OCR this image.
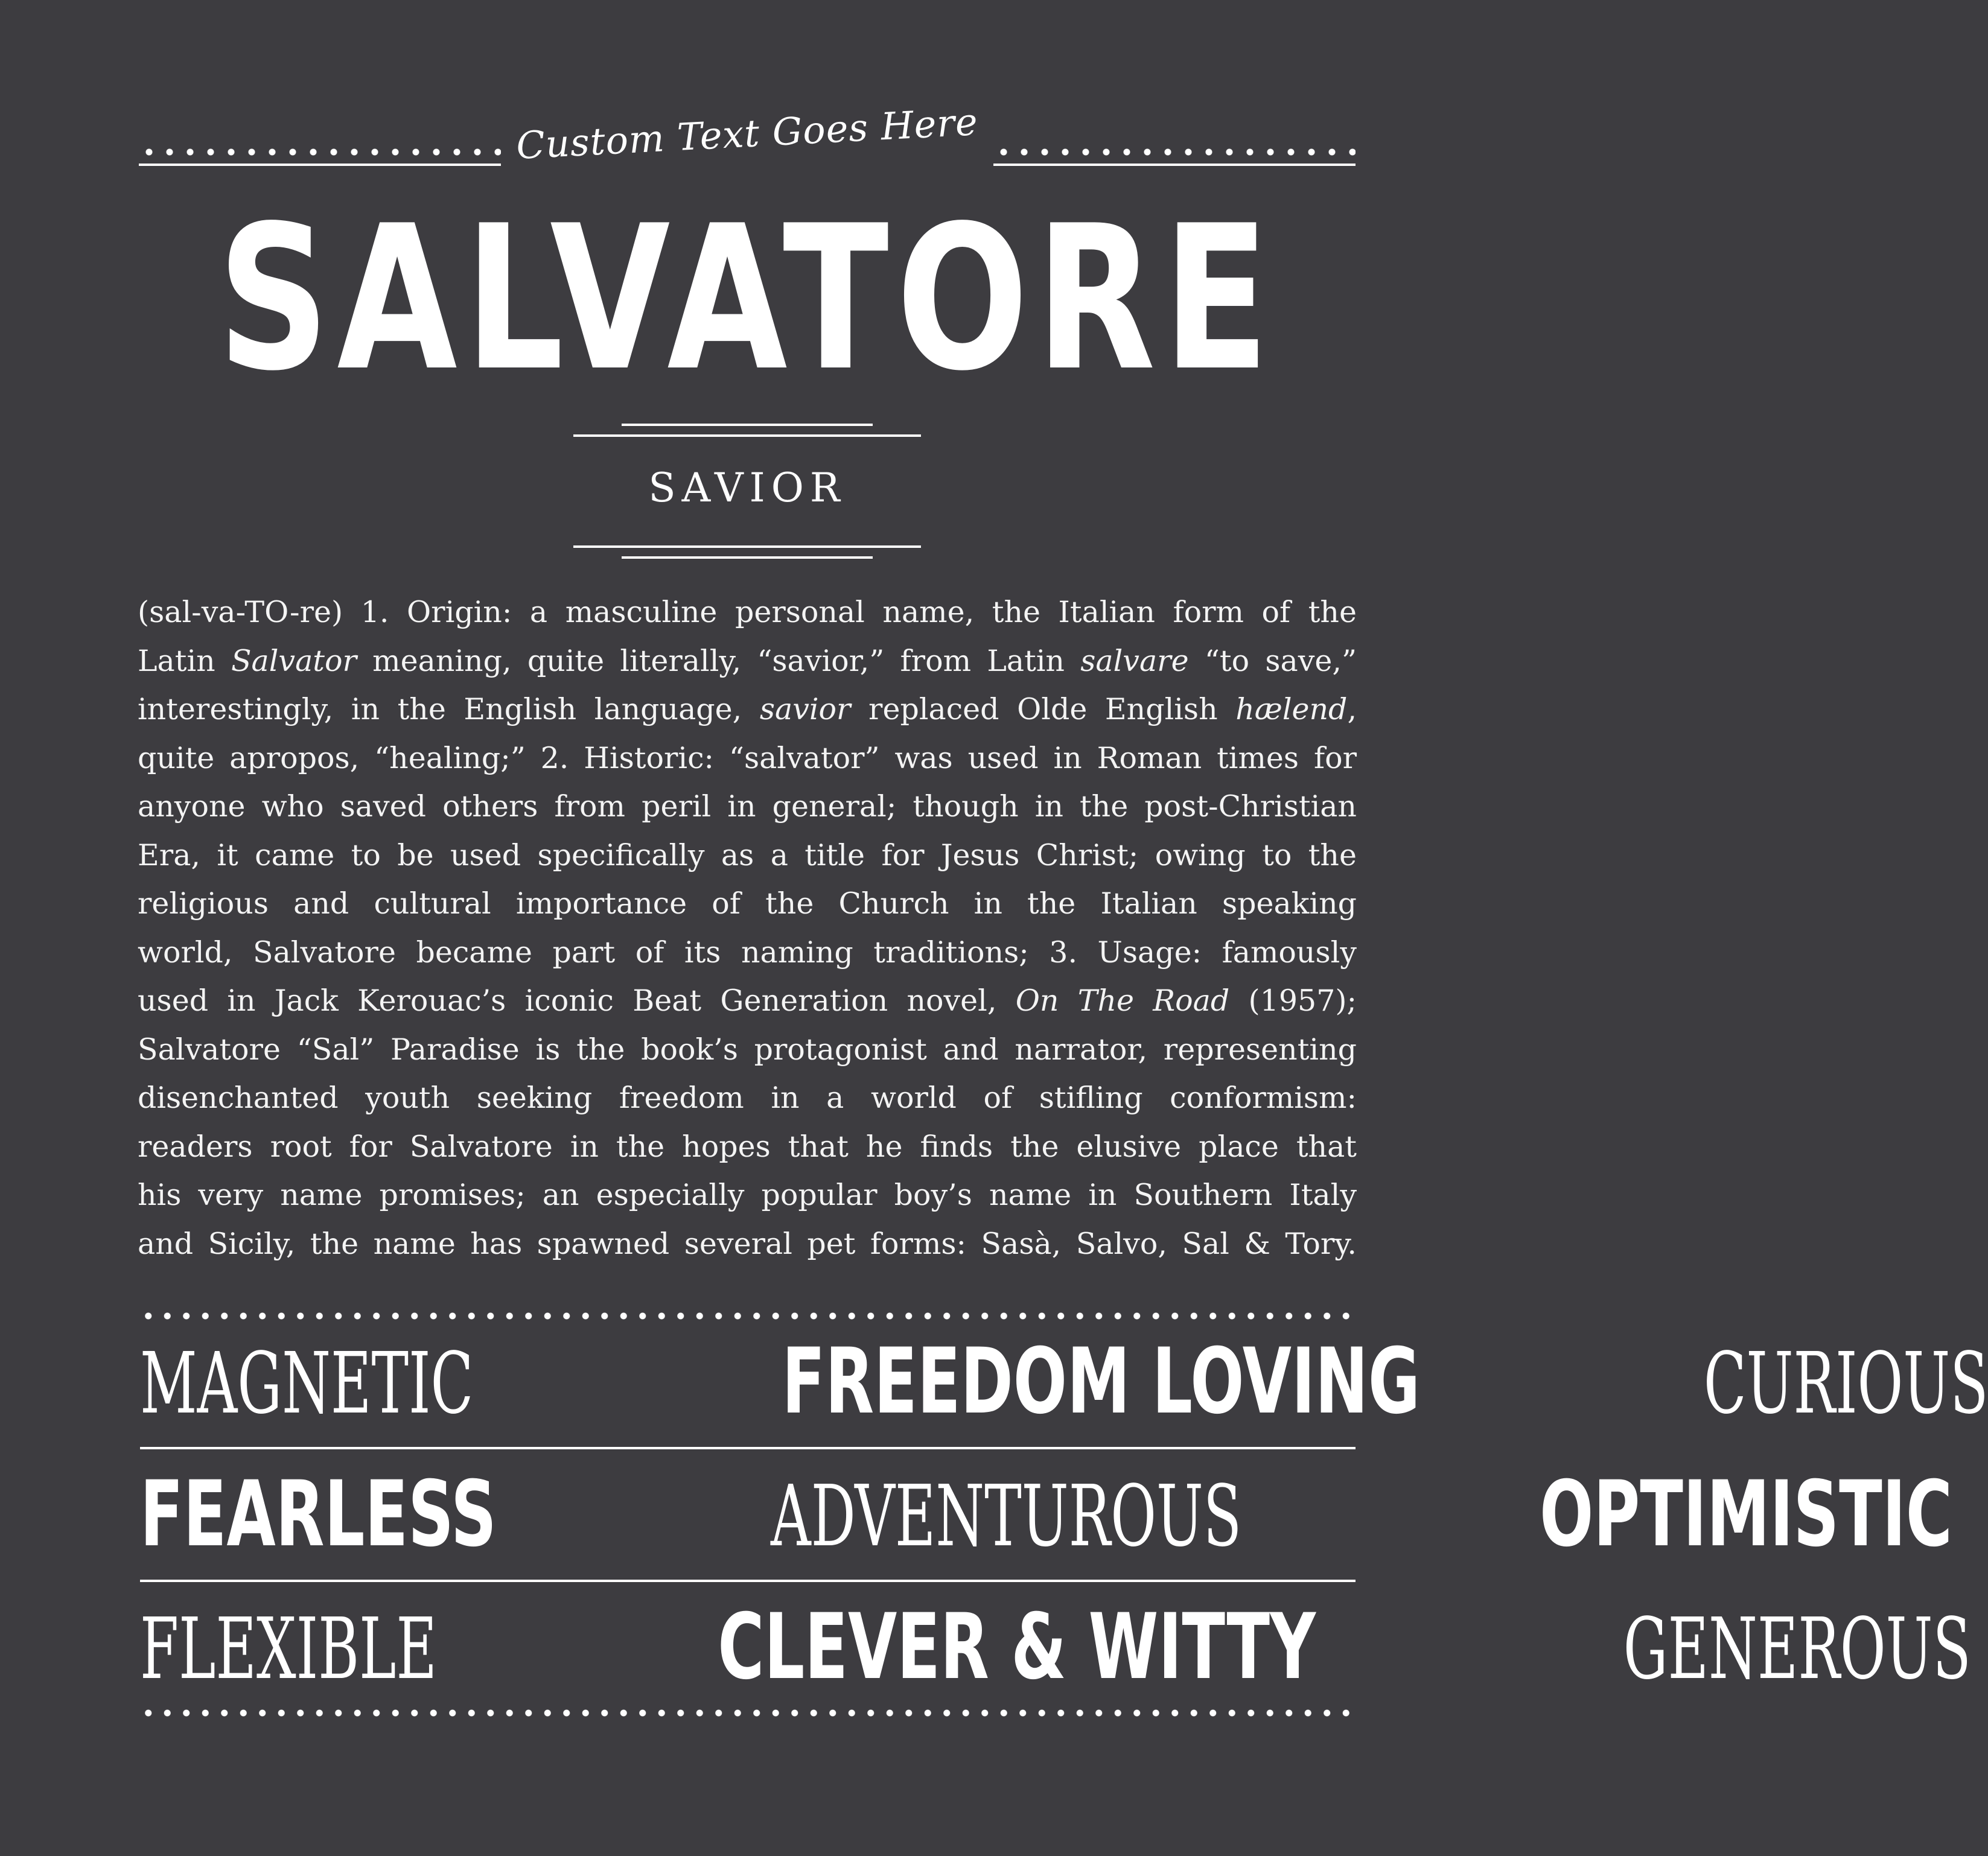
Custom Text Goes Here
SALVATORE
SAVIOR
(sal-va-TO-re) 1. Origin: a masculine personal name, the Italian form of the
Latin Salvator meaning, quite literally, “savior,” from Latin salvare “to save,”
interestingly, in the English language, savior replaced Olde English hælend,
quite apropos, “healing;” 2. Historic: “salvator” was used in Roman times for
anyone who saved others from peril in general; though in the post-Christian
Era, it came to be used specifically as a title for Jesus Christ; owing to the
religious and cultural importance of the Church in the Italian speaking
world, Salvatore became part of its naming traditions; 3. Usage: famously
used in Jack Kerouac’s iconic Beat Generation novel, On The Road (1957);
Salvatore “Sal” Paradise is the book’s protagonist and narrator, representing
disenchanted youth seeking freedom in a world of stifling conformism:
readers root for Salvatore in the hopes that he finds the elusive place that
his very name promises; an especially popular boy’s name in Southern Italy
and Sicily, the name has spawned several pet forms: Sasà, Salvo, Sal & Tory.
MAGNETIC	FREEDOM LOVING	CURIOUS
FEARLESS	ADVENTUROUS	OPTIMISTIC
FLEXIBLE	CLEVER & WITTY	GENEROUS
